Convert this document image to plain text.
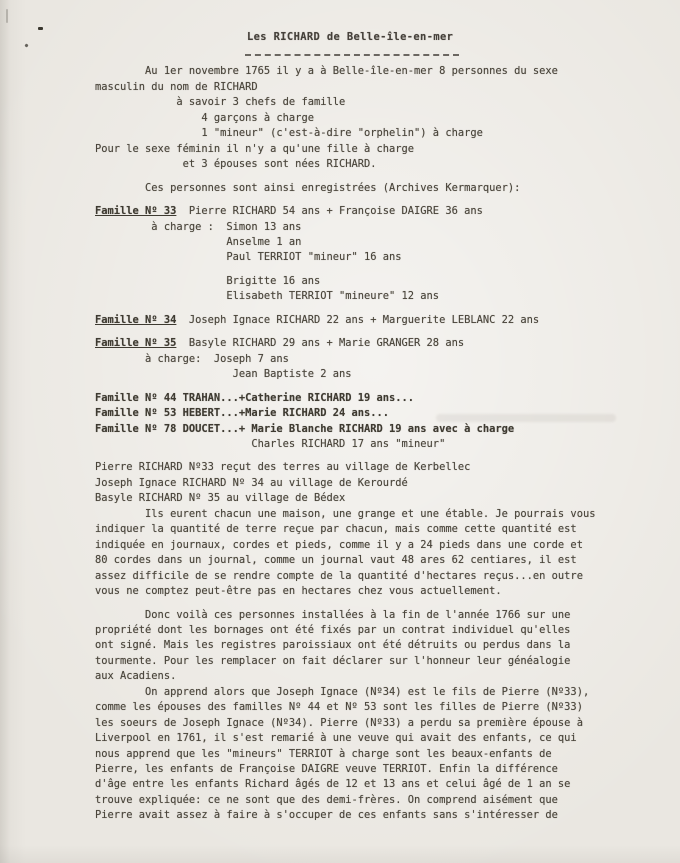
Les RICHARD de Belle-île-en-mer
Au 1er novembre 1765 il y a à Belle-île-en-mer 8 personnes du sexe
masculin du nom de RICHARD
à savoir 3 chefs de famille
4 garçons à charge
1 "mineur" (c'est-à-dire "orphelin") à charge
Pour le sexe féminin il n'y a qu'une fille à charge
et 3 épouses sont nées RICHARD.
Ces personnes sont ainsi enregistrées (Archives Kermarquer):
Famille Nº 33  Pierre RICHARD 54 ans + Françoise DAIGRE 36 ans
à charge :  Simon 13 ans
Anselme 1 an
Paul TERRIOT "mineur" 16 ans
Brigitte 16 ans
Elisabeth TERRIOT "mineure" 12 ans
Famille Nº 34  Joseph Ignace RICHARD 22 ans + Marguerite LEBLANC 22 ans
Famille Nº 35  Basyle RICHARD 29 ans + Marie GRANGER 28 ans
à charge:  Joseph 7 ans
Jean Baptiste 2 ans
Famille Nº 44 TRAHAN...+Catherine RICHARD 19 ans...
Famille Nº 53 HEBERT...+Marie RICHARD 24 ans...
Famille Nº 78 DOUCET...+ Marie Blanche RICHARD 19 ans avec à charge
Charles RICHARD 17 ans "mineur"
Pierre RICHARD Nº33 reçut des terres au village de Kerbellec
Joseph Ignace RICHARD Nº 34 au village de Kerourdé
Basyle RICHARD Nº 35 au village de Bédex
Ils eurent chacun une maison, une grange et une étable. Je pourrais vous
indiquer la quantité de terre reçue par chacun, mais comme cette quantité est
indiquée en journaux, cordes et pieds, comme il y a 24 pieds dans une corde et
80 cordes dans un journal, comme un journal vaut 48 ares 62 centiares, il est
assez difficile de se rendre compte de la quantité d'hectares reçus...en outre
vous ne comptez peut-être pas en hectares chez vous actuellement.
Donc voilà ces personnes installées à la fin de l'année 1766 sur une
propriété dont les bornages ont été fixés par un contrat individuel qu'elles
ont signé. Mais les registres paroissiaux ont été détruits ou perdus dans la
tourmente. Pour les remplacer on fait déclarer sur l'honneur leur généalogie
aux Acadiens.
On apprend alors que Joseph Ignace (Nº34) est le fils de Pierre (Nº33),
comme les épouses des familles Nº 44 et Nº 53 sont les filles de Pierre (Nº33)
les soeurs de Joseph Ignace (Nº34). Pierre (Nº33) a perdu sa première épouse à
Liverpool en 1761, il s'est remarié à une veuve qui avait des enfants, ce qui
nous apprend que les "mineurs" TERRIOT à charge sont les beaux-enfants de
Pierre, les enfants de Françoise DAIGRE veuve TERRIOT. Enfin la différence
d'âge entre les enfants Richard âgés de 12 et 13 ans et celui âgé de 1 an se
trouve expliquée: ce ne sont que des demi-frères. On comprend aisément que
Pierre avait assez à faire à s'occuper de ces enfants sans s'intéresser de
